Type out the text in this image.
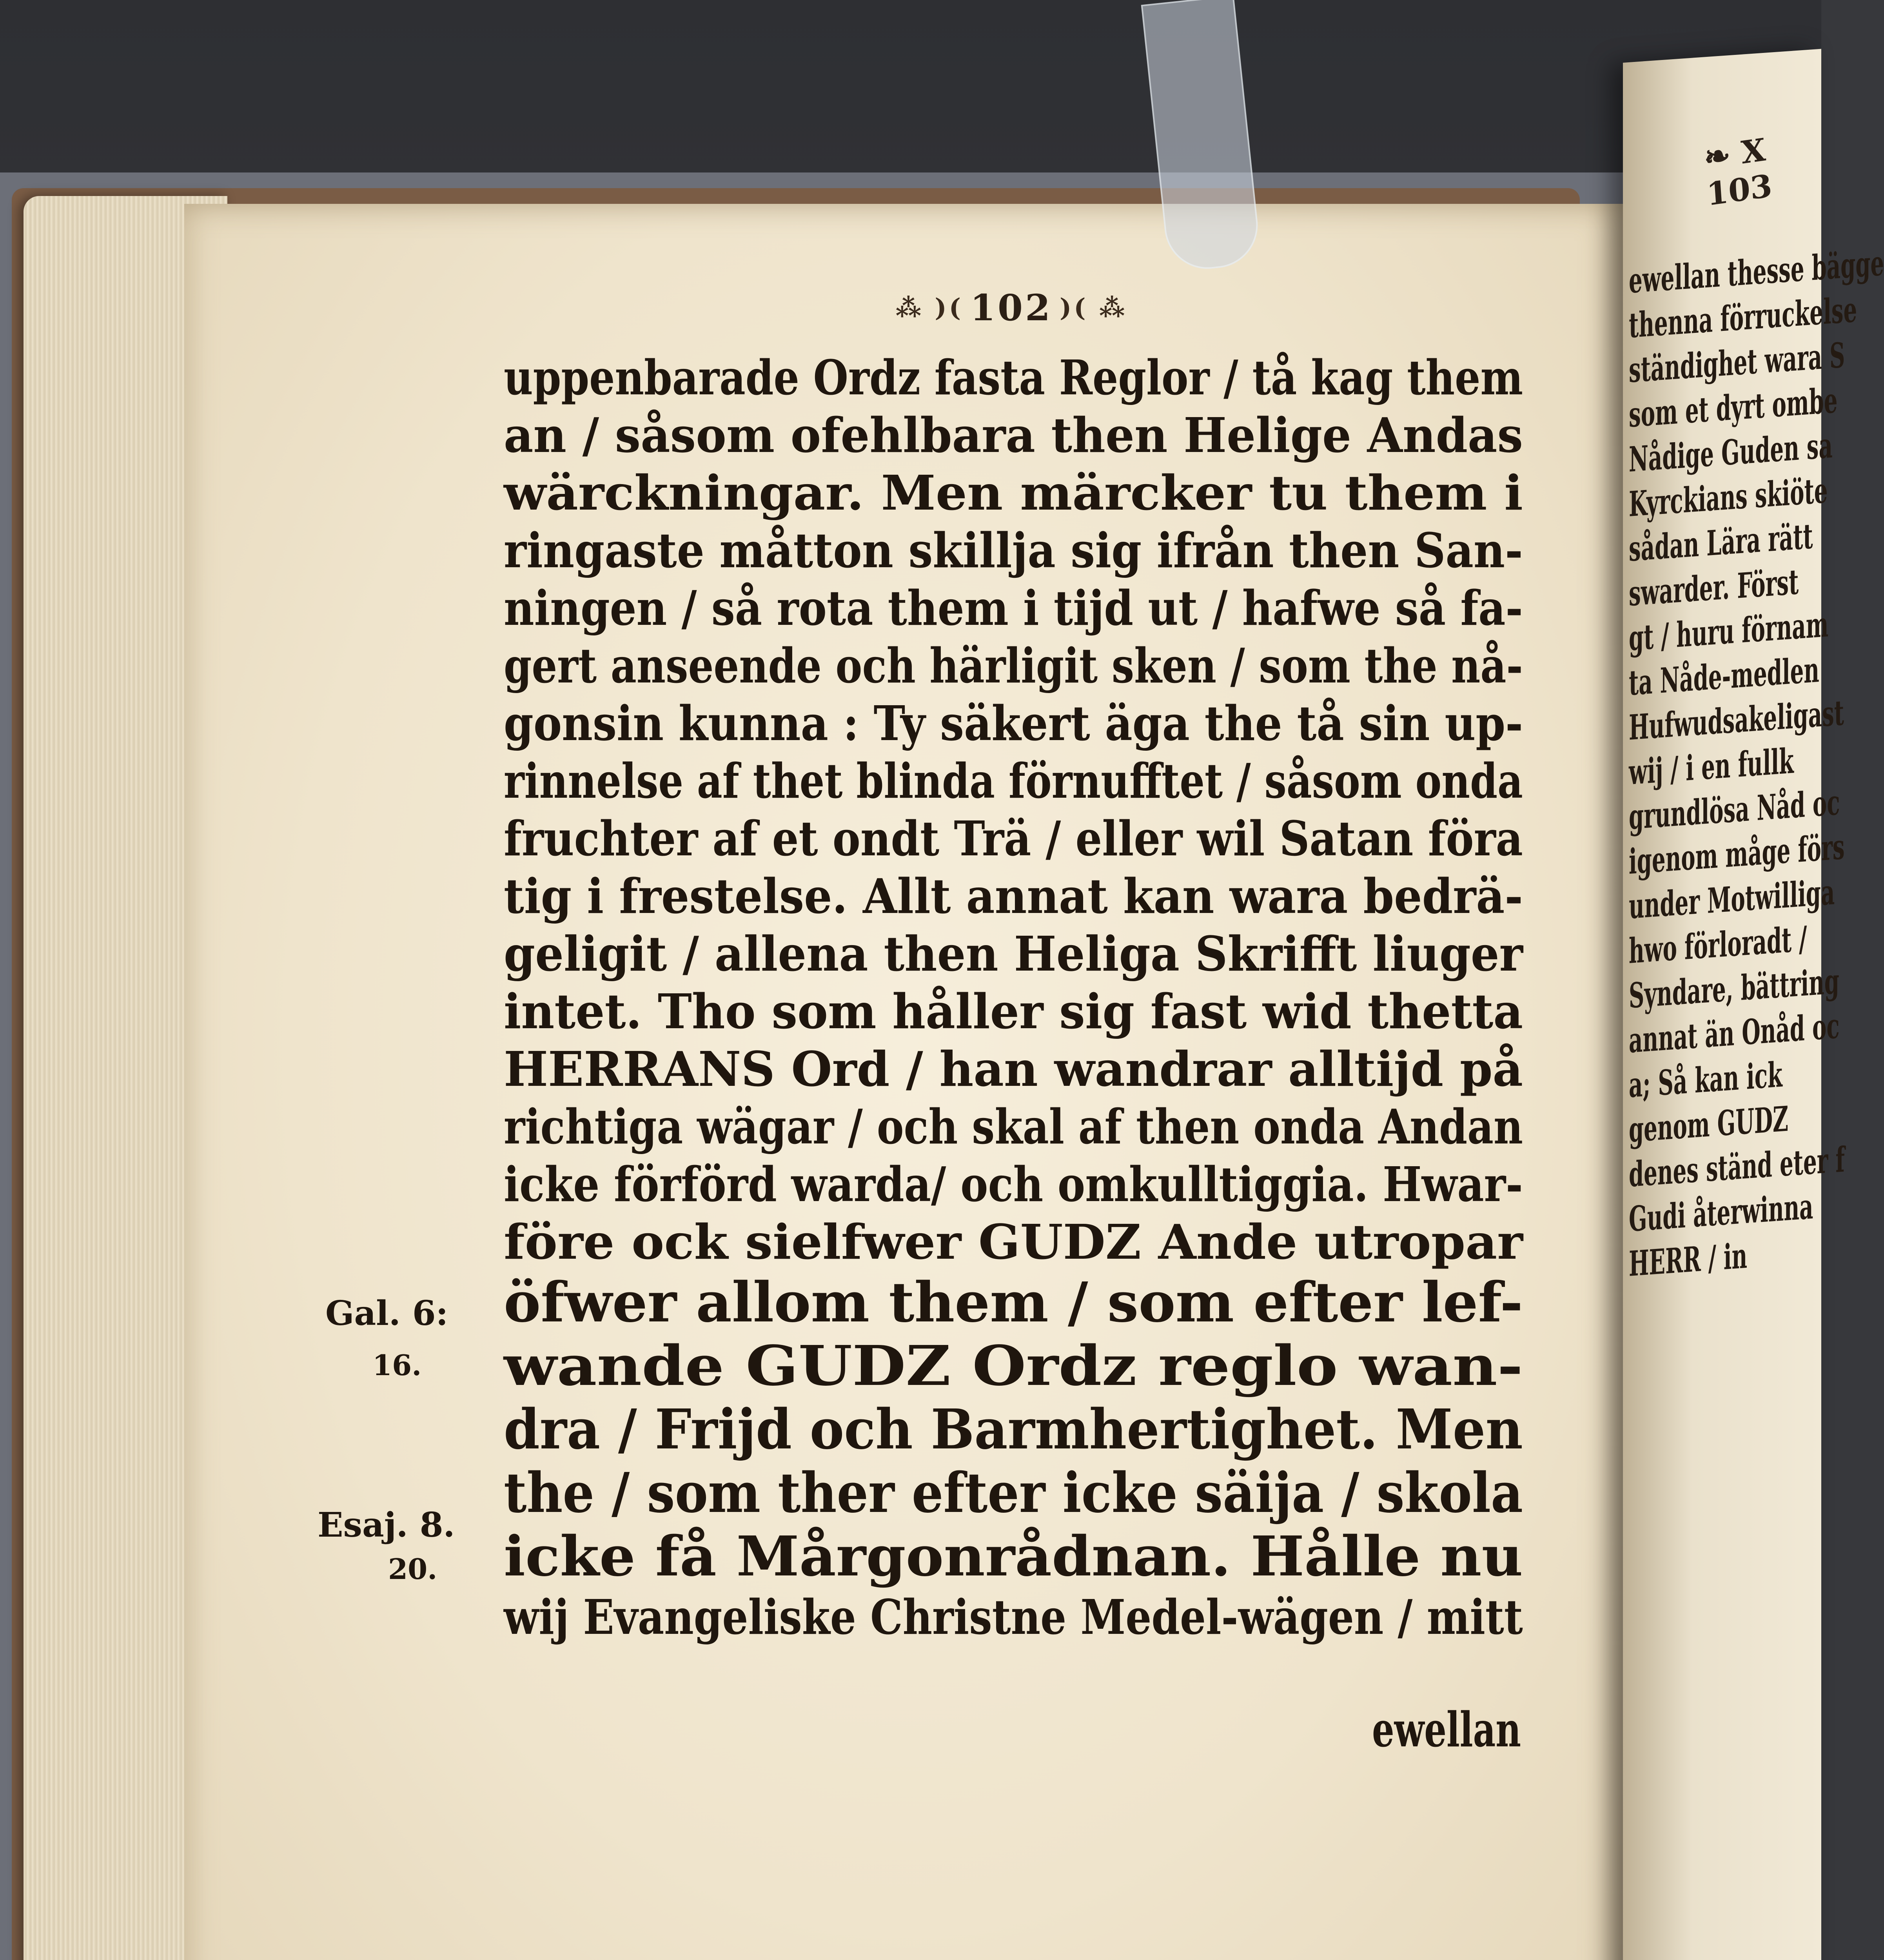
⁂ )( 102 )( ⁂
uppenbarade Ordz fasta Reglor / tå kag them
an / såsom ofehlbara then Helige Andas
wärckningar. Men märcker tu them i
ringaste måtton skillja sig ifrån then San-
ningen / så rota them i tijd ut / hafwe så fa-
gert anseende och härligit sken / som the nå-
gonsin kunna : Ty säkert äga the tå sin up-
rinnelse af thet blinda förnufftet / såsom onda
fruchter af et ondt Trä / eller wil Satan föra
tig i frestelse. Allt annat kan wara bedrä-
geligit / allena then Heliga Skrifft liuger
intet. Tho som håller sig fast wid thetta
HERRANS Ord / han wandrar alltijd på
richtiga wägar / och skal af then onda Andan
icke förförd warda/ och omkulltiggia. Hwar-
före ock sielfwer GUDZ Ande utropar
öfwer allom them / som efter lef-
wande GUDZ Ordz reglo wan-
dra / Frijd och Barmhertighet. Men
the / som ther efter icke säija / skola
icke få Mårgonrådnan. Hålle nu
wij Evangeliske Christne Medel-wägen / mitt
ewellan
Gal. 6:
16.
Esaj. 8.
20.
❧ X 103
ewellan thesse bägge
thenna förruckelse
ständighet wara S
som et dyrt ombe
Nådige Guden sa
Kyrckians skiöte
sådan Lära rätt
swarder. Först
gt / huru förnam
ta Nåde-medlen
Hufwudsakeligast
wij / i en fullk
grundlösa Nåd oc
igenom måge förs
under Motwilliga
hwo förloradt /
Syndare, bättring
annat än Onåd oc
a; Så kan ick
genom GUDZ
denes ständ eter f
Gudi återwinna
HERR / in
